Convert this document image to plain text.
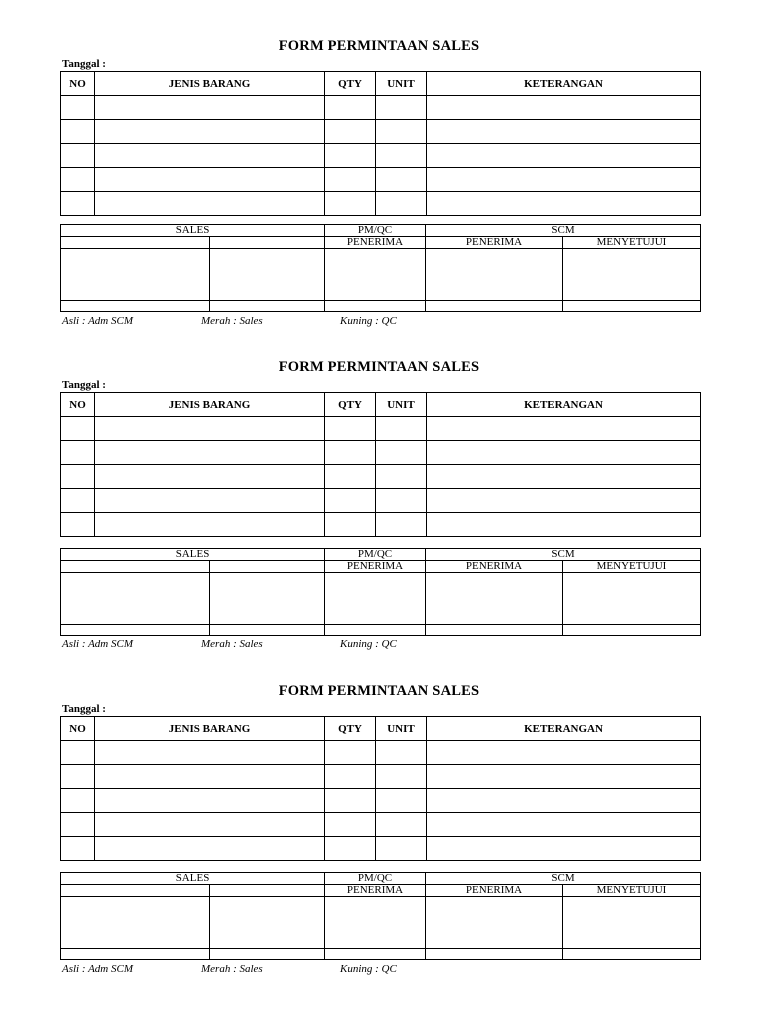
FORM PERMINTAAN SALES
Tanggal :
NO	JENIS BARANG	QTY	UNIT	KETERANGAN

SALES		PM/QC	SCM	
		PENERIMA	PENERIMA	MENYETUJUI

Asli : Adm SCM	Merah : Sales	Kuning : QC
FORM PERMINTAAN SALES
Tanggal :
NO	JENIS BARANG	QTY	UNIT	KETERANGAN

SALES		PM/QC	SCM	
		PENERIMA	PENERIMA	MENYETUJUI

Asli : Adm SCM	Merah : Sales	Kuning : QC
FORM PERMINTAAN SALES
Tanggal :
NO	JENIS BARANG	QTY	UNIT	KETERANGAN

SALES		PM/QC	SCM	
		PENERIMA	PENERIMA	MENYETUJUI

Asli : Adm SCM	Merah : Sales	Kuning : QC
